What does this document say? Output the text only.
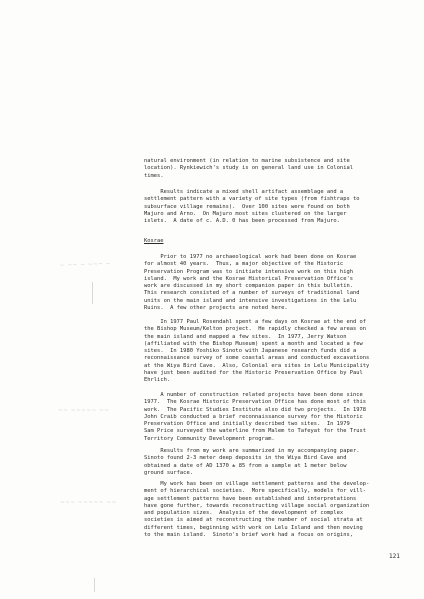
~ ~~ ~ ~~~ ~
~~ ~~~~~ ~~
~~~ ~~~~~ ~~
natural environment (in relation to marine subsistence and site
location). Rynkiewich's study is on general land use in Colonial
times.
Results indicate a mixed shell artifact assemblage and a
settlement pattern with a variety of site types (from fishtraps to
subsurface village remains).  Over 100 sites were found on both
Majuro and Arno.  On Majuro most sites clustered on the larger
islets.  A date of c. A.D. 0 has been processed from Majuro.
Kosrae
Prior to 1977 no archaeological work had been done on Kosrae
for almost 40 years.  Thus, a major objective of the Historic
Preservation Program was to initiate intensive work on this high
island.  My work and the Kosrae Historical Preservation Office's
work are discussed in my short companion paper in this bulletin.
This research consisted of a number of surveys of traditional land
units on the main island and intensive investigations in the Lelu
Ruins.  A few other projects are noted here.
In 1977 Paul Rosendahl spent a few days on Kosrae at the end of
the Bishop Museum/Kelton project.  He rapidly checked a few areas on
the main island and mapped a few sites.  In 1977, Jerry Watson
(affiliated with the Bishop Museum) spent a month and located a few
sites.  In 1980 Yoshiko Sinoto with Japanese research funds did a
reconnaissance survey of some coastal areas and conducted excavations
at the Wiya Bird Cave.  Also, Colonial era sites in Lelu Municipality
have just been audited for the Historic Preservation Office by Paul
Ehrlich.
A number of construction related projects have been done since
1977.  The Kosrae Historic Preservation Office has done most of this
work.  The Pacific Studies Institute also did two projects.  In 1978
John Craib conducted a brief reconnaissance survey for the Historic
Preservation Office and initially described two sites.  In 1979
Sam Price surveyed the waterline from Malem to Tafeyat for the Trust
Territory Community Development program.
Results from my work are summarized in my accompanying paper.
Sinoto found 2-3 meter deep deposits in the Wiya Bird Cave and
obtained a date of AD 1370 ± 85 from a sample at 1 meter below
ground surface.
My work has been on village settlement patterns and the develop-
ment of hierarchical societies.  More specifically, models for vill-
age settlement patterns have been established and interpretations
have gone further, towards reconstructing village social organization
and population sizes.  Analysis of the development of complex
societies is aimed at reconstructing the number of social strata at
different times, beginning with work on Lelu Island and then moving
to the main island.  Sinoto's brief work had a focus on origins,
121
